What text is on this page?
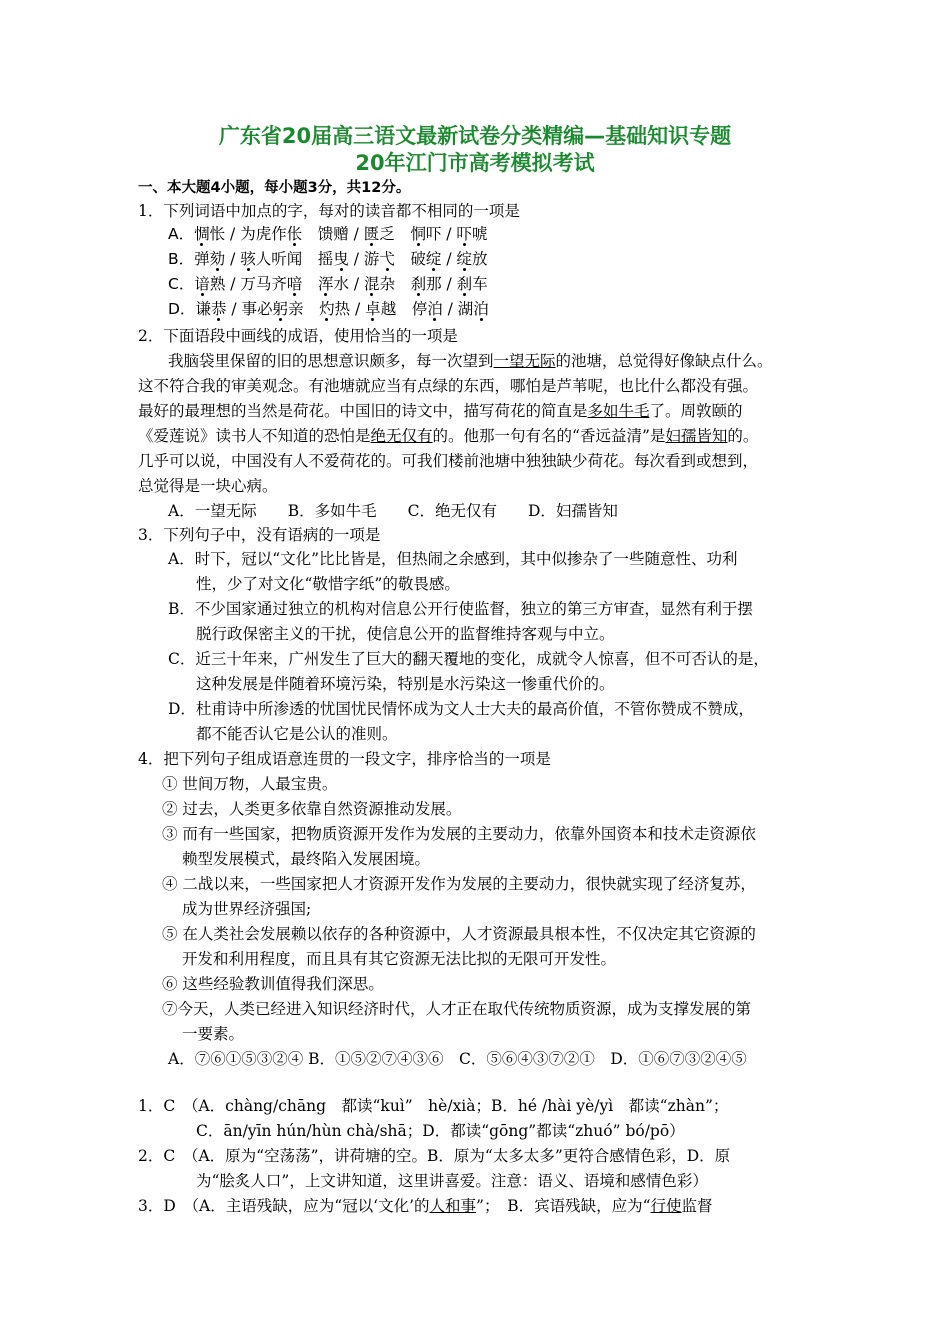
广东省20届高三语文最新试卷分类精编—基础知识专题
20年江门市高考模拟考试
一、本大题4小题，每小题3分，共12分。
1．下列词语中加点的字，每对的读音都不相同的一项是
A．惆怅 / 为虎作伥　馈赠 / 匮乏　恫吓 / 吓唬
B．弹劾 / 骇人听闻　摇曳 / 游弋　破绽 / 绽放
C．谙熟 / 万马齐喑　 浑水 / 混杂　刹那 / 刹车
D．谦恭 / 事必躬亲　灼热 / 卓越　停泊 / 湖泊
2．下面语段中画线的成语，使用恰当的一项是
我脑袋里保留的旧的思想意识颇多，每一次望到一望无际的池塘，总觉得好像缺点什么。
这不符合我的审美观念。有池塘就应当有点绿的东西，哪怕是芦苇呢，也比什么都没有强。
最好的最理想的当然是荷花。中国旧的诗文中，描写荷花的简直是多如牛毛了。周敦颐的
《爱莲说》读书人不知道的恐怕是绝无仅有的。他那一句有名的“香远益清”是妇孺皆知的。
几乎可以说，中国没有人不爱荷花的。可我们楼前池塘中独独缺少荷花。每次看到或想到，
总觉得是一块心病。
A．一望无际　　B．多如牛毛　　C．绝无仅有　　D．妇孺皆知
3．下列句子中，没有语病的一项是
A．时下，冠以“文化”比比皆是，但热闹之余感到，其中似掺杂了一些随意性、功利
性，少了对文化“敬惜字纸”的敬畏感。
B．不少国家通过独立的机构对信息公开行使监督，独立的第三方审查，显然有利于摆
脱行政保密主义的干扰，使信息公开的监督维持客观与中立。
C．近三十年来，广州发生了巨大的翻天覆地的变化，成就令人惊喜，但不可否认的是，
这种发展是伴随着环境污染，特别是水污染这一惨重代价的。
D．杜甫诗中所渗透的忧国忧民情怀成为文人士大夫的最高价值，不管你赞成不赞成，
都不能否认它是公认的准则。
4．把下列句子组成语意连贯的一段文字，排序恰当的一项是
① 世间万物，人最宝贵。
② 过去，人类更多依靠自然资源推动发展。
③ 而有一些国家，把物质资源开发作为发展的主要动力，依靠外国资本和技术走资源依
赖型发展模式，最终陷入发展困境。
④ 二战以来，一些国家把人才资源开发作为发展的主要动力，很快就实现了经济复苏，
成为世界经济强国;
⑤ 在人类社会发展赖以依存的各种资源中，人才资源最具根本性，不仅决定其它资源的
开发和利用程度，而且具有其它资源无法比拟的无限可开发性。
⑥ 这些经验教训值得我们深思。
⑦今天，人类已经进入知识经济时代，人才正在取代传统物质资源，成为支撑发展的第
一要素。
A．⑦⑥①⑤③②④ B．①⑤②⑦④③⑥　C．⑤⑥④③⑦②①　D．①⑥⑦③②④⑤
1．C　（A．chàng/chāng　都读“kuì”　hè/xià；B．hé /hài yè/yì　都读“zhàn”；
C．ān/yīn hún/hùn chà/shā；D．都读“gōng”都读“zhuó” bó/pō）
2．C　（A．原为“空荡荡”，讲荷塘的空。B．原为“太多太多”更符合感情色彩，D．原
为“脍炙人口”，上文讲知道，这里讲喜爱。注意：语义、语境和感情色彩）
3．D　（A．主语残缺，应为“冠以‘文化’的人和事”；　B．宾语残缺，应为“行使监督
